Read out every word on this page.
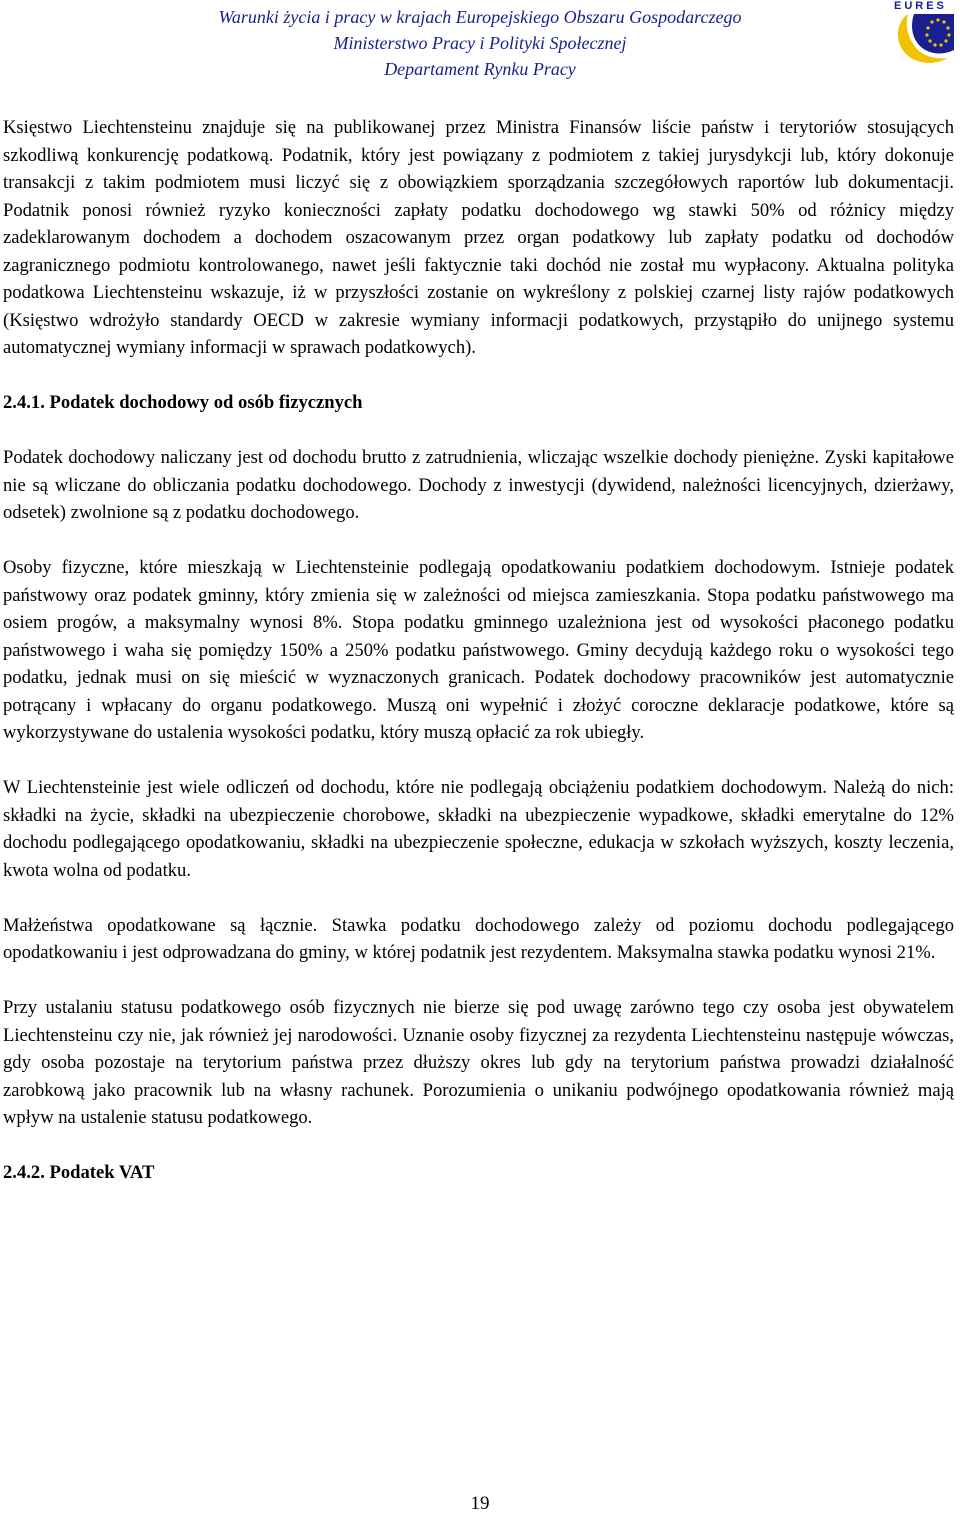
Warunki życia i pracy w krajach Europejskiego Obszaru Gospodarczego
Ministerstwo Pracy i Polityki Społecznej
Departament Rynku Pracy
EURES

Księstwo Liechtensteinu znajduje się na publikowanej przez Ministra Finansów liście państw i terytoriów stosujących szkodliwą konkurencję podatkową. Podatnik, który jest powiązany z podmiotem z takiej jurysdykcji lub, który dokonuje transakcji z takim podmiotem musi liczyć się z obowiązkiem sporządzania szczegółowych raportów lub dokumentacji. Podatnik ponosi również ryzyko konieczności zapłaty podatku dochodowego wg stawki 50% od różnicy między zadeklarowanym dochodem a dochodem oszacowanym przez organ podatkowy lub zapłaty podatku od dochodów zagranicznego podmiotu kontrolowanego, nawet jeśli faktycznie taki dochód nie został mu wypłacony. Aktualna polityka podatkowa Liechtensteinu wskazuje, iż w przyszłości zostanie on wykreślony z polskiej czarnej listy rajów podatkowych (Księstwo wdrożyło standardy OECD w zakresie wymiany informacji podatkowych, przystąpiło do unijnego systemu automatycznej wymiany informacji w sprawach podatkowych).

2.4.1. Podatek dochodowy od osób fizycznych

Podatek dochodowy naliczany jest od dochodu brutto z zatrudnienia, wliczając wszelkie dochody pieniężne. Zyski kapitałowe nie są wliczane do obliczania podatku dochodowego. Dochody z inwestycji (dywidend, należności licencyjnych, dzierżawy, odsetek) zwolnione są z podatku dochodowego.

Osoby fizyczne, które mieszkają w Liechtensteinie podlegają opodatkowaniu podatkiem dochodowym. Istnieje podatek państwowy oraz podatek gminny, który zmienia się w zależności od miejsca zamieszkania. Stopa podatku państwowego ma osiem progów, a maksymalny wynosi 8%. Stopa podatku gminnego uzależniona jest od wysokości płaconego podatku państwowego i waha się pomiędzy 150% a 250% podatku państwowego. Gminy decydują każdego roku o wysokości tego podatku, jednak musi on się mieścić w wyznaczonych granicach. Podatek dochodowy pracowników jest automatycznie potrącany i wpłacany do organu podatkowego. Muszą oni wypełnić i złożyć coroczne deklaracje podatkowe, które są wykorzystywane do ustalenia wysokości podatku, który muszą opłacić za rok ubiegły.

W Liechtensteinie jest wiele odliczeń od dochodu, które nie podlegają obciążeniu podatkiem dochodowym. Należą do nich: składki na życie, składki na ubezpieczenie chorobowe, składki na ubezpieczenie wypadkowe, składki emerytalne do 12% dochodu podlegającego opodatkowaniu, składki na ubezpieczenie społeczne, edukacja w szkołach wyższych, koszty leczenia, kwota wolna od podatku.

Małżeństwa opodatkowane są łącznie. Stawka podatku dochodowego zależy od poziomu dochodu podlegającego opodatkowaniu i jest odprowadzana do gminy, w której podatnik jest rezydentem. Maksymalna stawka podatku wynosi 21%.

Przy ustalaniu statusu podatkowego osób fizycznych nie bierze się pod uwagę zarówno tego czy osoba jest obywatelem Liechtensteinu czy nie, jak również jej narodowości. Uznanie osoby fizycznej za rezydenta Liechtensteinu następuje wówczas, gdy osoba pozostaje na terytorium państwa przez dłuższy okres lub gdy na terytorium państwa prowadzi działalność zarobkową jako pracownik lub na własny rachunek. Porozumienia o unikaniu podwójnego opodatkowania również mają wpływ na ustalenie statusu podatkowego.

2.4.2. Podatek VAT

19
